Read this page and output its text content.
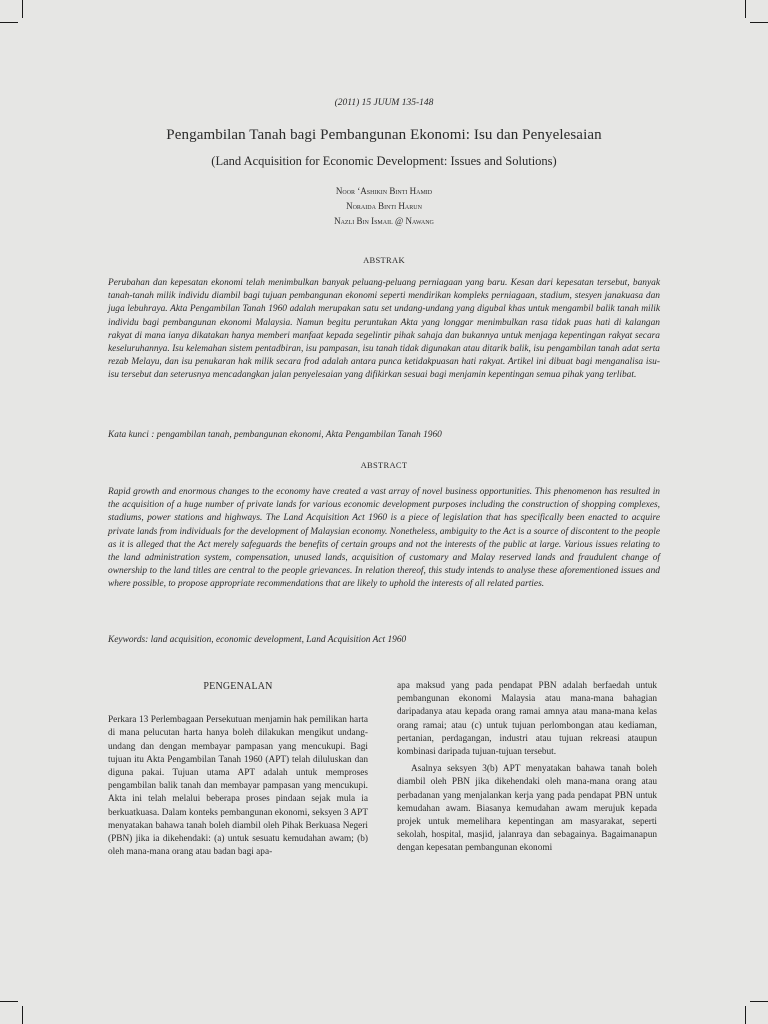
(2011) 15 JUUM 135-148
Pengambilan Tanah bagi Pembangunan Ekonomi: Isu dan Penyelesaian
(Land Acquisition for Economic Development: Issues and Solutions)
Noor ‘Ashikin Binti Hamid
Noraida Binti Harun
Nazli Bin Ismail @ Nawang
ABSTRAK

Perubahan dan kepesatan ekonomi telah menimbulkan banyak peluang-peluang perniagaan yang baru. Kesan dari kepesatan tersebut, banyak tanah-tanah milik individu diambil bagi tujuan pembangunan ekonomi seperti mendirikan kompleks perniagaan, stadium, stesyen janakuasa dan juga lebuhraya. Akta Pengambilan Tanah 1960 adalah merupakan satu set undang-undang yang digubal khas untuk mengambil balik tanah milik individu bagi pembangunan ekonomi Malaysia. Namun begitu peruntukan Akta yang longgar menimbulkan rasa tidak puas hati di kalangan rakyat di mana ianya dikatakan hanya memberi manfaat kepada segelintir pihak sahaja dan bukannya untuk menjaga kepentingan rakyat secara keseluruhannya. Isu kelemahan sistem pentadbiran, isu pampasan, isu tanah tidak digunakan atau ditarik balik, isu pengambilan tanah adat serta rezab Melayu, dan isu penukaran hak milik secara frod adalah antara punca ketidakpuasan hati rakyat. Artikel ini dibuat bagi menganalisa isu-isu tersebut dan seterusnya mencadangkan jalan penyelesaian yang difikirkan sesuai bagi menjamin kepentingan semua pihak yang terlibat.

Kata kunci : pengambilan tanah, pembangunan ekonomi, Akta Pengambilan Tanah 1960

ABSTRACT

Rapid growth and enormous changes to the economy have created a vast array of novel business opportunities. This phenomenon has resulted in the acquisition of a huge number of private lands for various economic development purposes including the construction of shopping complexes, stadiums, power stations and highways. The Land Acquisition Act 1960 is a piece of legislation that has specifically been enacted to acquire private lands from individuals for the development of Malaysian economy. Nonetheless, ambiguity to the Act is a source of discontent to the people as it is alleged that the Act merely safeguards the benefits of certain groups and not the interests of the public at large. Various issues relating to the land administration system, compensation, unused lands, acquisition of customary and Malay reserved lands and fraudulent change of ownership to the land titles are central to the people grievances. In relation thereof, this study intends to analyse these aforementioned issues and where possible, to propose appropriate recommendations that are likely to uphold the interests of all related parties.

Keywords: land acquisition, economic development, Land Acquisition Act 1960

PENGENALAN

Perkara 13 Perlembagaan Persekutuan menjamin hak pemilikan harta di mana pelucutan harta hanya boleh dilakukan mengikut undang-undang dan dengan membayar pampasan yang mencukupi. Bagi tujuan itu Akta Pengambilan Tanah 1960 (APT) telah diluluskan dan diguna pakai. Tujuan utama APT adalah untuk memproses pengambilan balik tanah dan membayar pampasan yang mencukupi. Akta ini telah melalui beberapa proses pindaan sejak mula ia berkuatkuasa. Dalam konteks pembangunan ekonomi, seksyen 3 APT menyatakan bahawa tanah boleh diambil oleh Pihak Berkuasa Negeri (PBN) jika ia dikehendaki: (a) untuk sesuatu kemudahan awam; (b) oleh mana-mana orang atau badan bagi apa-

apa maksud yang pada pendapat PBN adalah berfaedah untuk pembangunan ekonomi Malaysia atau mana-mana bahagian daripadanya atau kepada orang ramai amnya atau mana-mana kelas orang ramai; atau (c) untuk tujuan perlombongan atau kediaman, pertanian, perdagangan, industri atau tujuan rekreasi ataupun kombinasi daripada tujuan-tujuan tersebut.

Asalnya seksyen 3(b) APT menyatakan bahawa tanah boleh diambil oleh PBN jika dikehendaki oleh mana-mana orang atau perbadanan yang menjalankan kerja yang pada pendapat PBN untuk kemudahan awam. Biasanya kemudahan awam merujuk kepada projek untuk memelihara kepentingan am masyarakat, seperti sekolah, hospital, masjid, jalanraya dan sebagainya. Bagaimanapun dengan kepesatan pembangunan ekonomi
